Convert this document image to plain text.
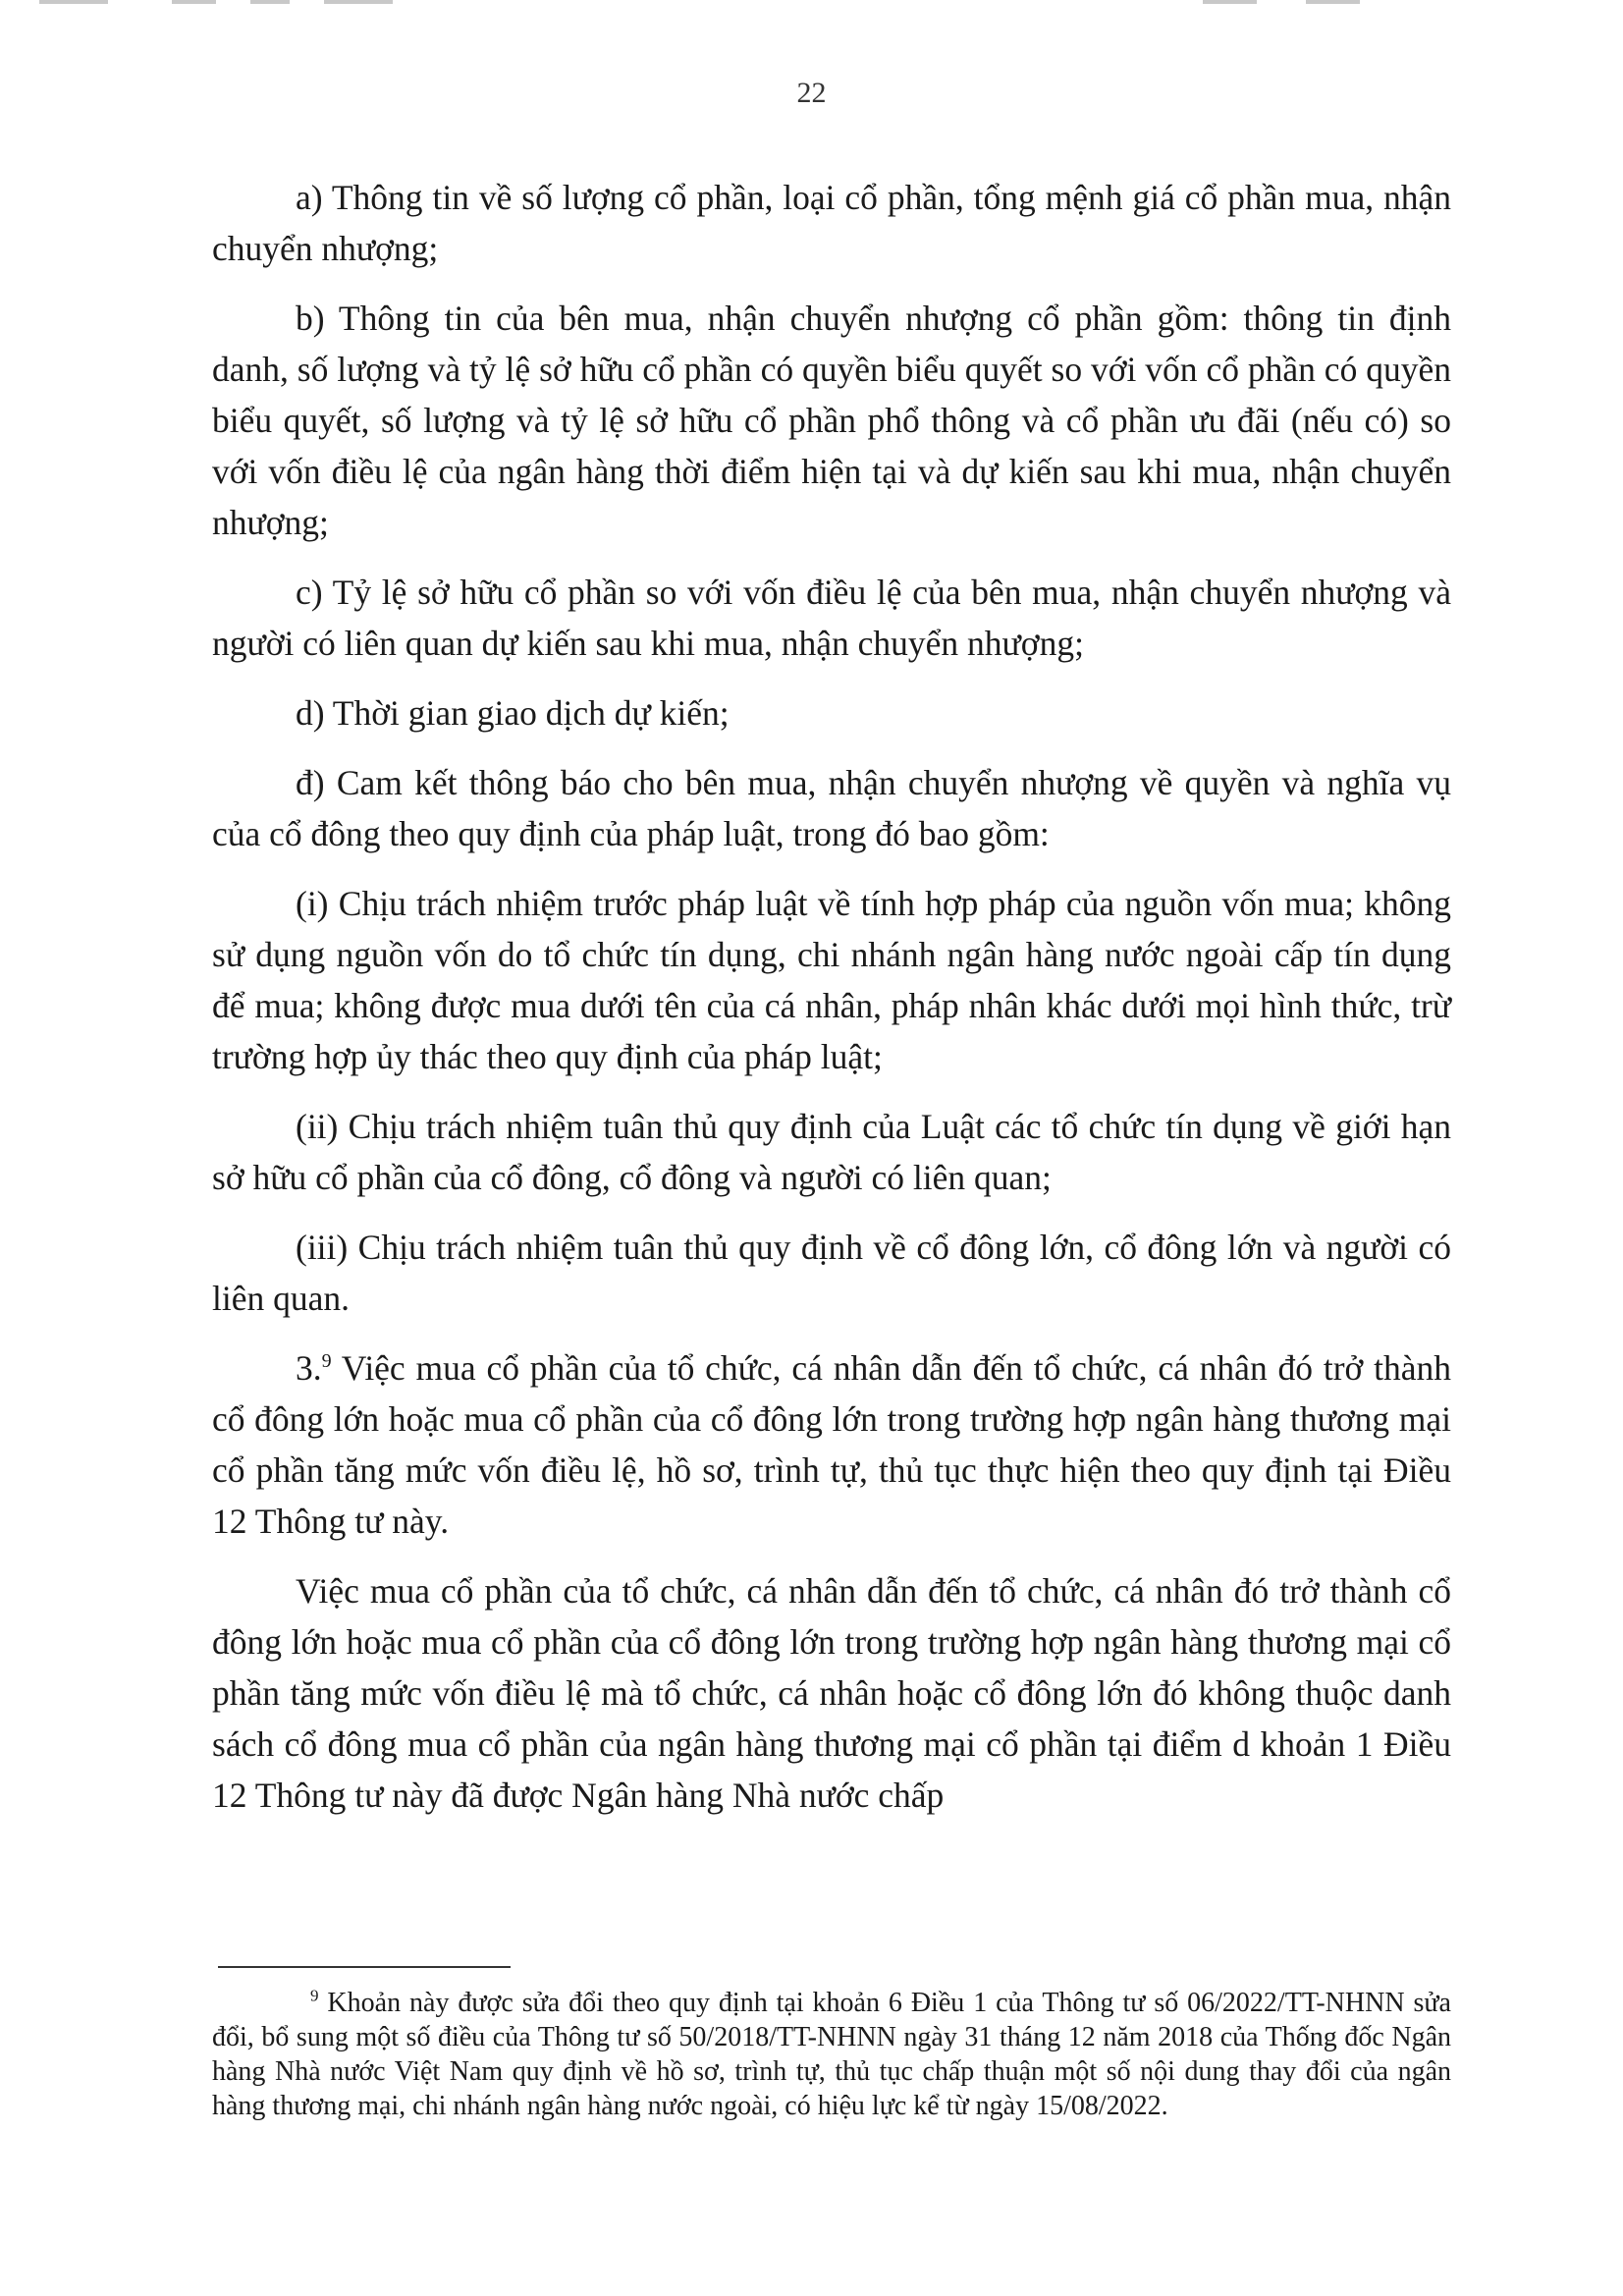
22

a) Thông tin về số lượng cổ phần, loại cổ phần, tổng mệnh giá cổ phần mua, nhận chuyển nhượng;

b) Thông tin của bên mua, nhận chuyển nhượng cổ phần gồm: thông tin định danh, số lượng và tỷ lệ sở hữu cổ phần có quyền biểu quyết so với vốn cổ phần có quyền biểu quyết, số lượng và tỷ lệ sở hữu cổ phần phổ thông và cổ phần ưu đãi (nếu có) so với vốn điều lệ của ngân hàng thời điểm hiện tại và dự kiến sau khi mua, nhận chuyển nhượng;

c) Tỷ lệ sở hữu cổ phần so với vốn điều lệ của bên mua, nhận chuyển nhượng và người có liên quan dự kiến sau khi mua, nhận chuyển nhượng;

d) Thời gian giao dịch dự kiến;

đ) Cam kết thông báo cho bên mua, nhận chuyển nhượng về quyền và nghĩa vụ của cổ đông theo quy định của pháp luật, trong đó bao gồm:

(i) Chịu trách nhiệm trước pháp luật về tính hợp pháp của nguồn vốn mua; không sử dụng nguồn vốn do tổ chức tín dụng, chi nhánh ngân hàng nước ngoài cấp tín dụng để mua; không được mua dưới tên của cá nhân, pháp nhân khác dưới mọi hình thức, trừ trường hợp ủy thác theo quy định của pháp luật;

(ii) Chịu trách nhiệm tuân thủ quy định của Luật các tổ chức tín dụng về giới hạn sở hữu cổ phần của cổ đông, cổ đông và người có liên quan;

(iii) Chịu trách nhiệm tuân thủ quy định về cổ đông lớn, cổ đông lớn và người có liên quan.

3.$^9$ Việc mua cổ phần của tổ chức, cá nhân dẫn đến tổ chức, cá nhân đó trở thành cổ đông lớn hoặc mua cổ phần của cổ đông lớn trong trường hợp ngân hàng thương mại cổ phần tăng mức vốn điều lệ, hồ sơ, trình tự, thủ tục thực hiện theo quy định tại Điều 12 Thông tư này.

Việc mua cổ phần của tổ chức, cá nhân dẫn đến tổ chức, cá nhân đó trở thành cổ đông lớn hoặc mua cổ phần của cổ đông lớn trong trường hợp ngân hàng thương mại cổ phần tăng mức vốn điều lệ mà tổ chức, cá nhân hoặc cổ đông lớn đó không thuộc danh sách cổ đông mua cổ phần của ngân hàng thương mại cổ phần tại điểm d khoản 1 Điều 12 Thông tư này đã được Ngân hàng Nhà nước chấp

$^9$ Khoản này được sửa đổi theo quy định tại khoản 6 Điều 1 của Thông tư số 06/2022/TT-NHNN sửa đổi, bổ sung một số điều của Thông tư số 50/2018/TT-NHNN ngày 31 tháng 12 năm 2018 của Thống đốc Ngân hàng Nhà nước Việt Nam quy định về hồ sơ, trình tự, thủ tục chấp thuận một số nội dung thay đổi của ngân hàng thương mại, chi nhánh ngân hàng nước ngoài, có hiệu lực kể từ ngày 15/08/2022.
